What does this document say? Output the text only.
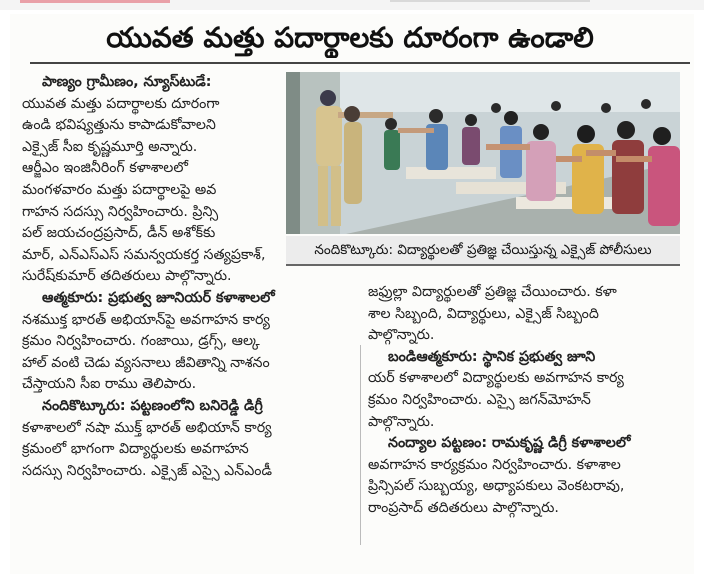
యువత మత్తు పదార్థాలకు దూరంగా ఉండాలి

పాణ్యం గ్రామీణం, న్యూస్‌టుడే:

యువత మత్తు పదార్థాలకు దూరంగా

ఉండి భవిష్యత్తును కాపాడుకోవాలని

ఎక్సైజ్ సీఐ కృష్ణమూర్తి అన్నారు.

ఆర్జీఎం ఇంజినీరింగ్ కళాశాలలో

మంగళవారం మత్తు పదార్థాలపై అవ

గాహన సదస్సు నిర్వహించారు. ప్రిన్సి

పల్ జయచంద్రప్రసాద్, డీన్ అశోక్‌కు

మార్, ఎన్ఎస్ఎస్ సమన్వయకర్త సత్యప్రకాశ్,

సురేష్‌కుమార్ తదితరులు పాల్గొన్నారు.

ఆత్మకూరు: ప్రభుత్వ జూనియర్ కళాశాలలో

నశముక్త భారత్ అభియాన్‌పై అవగాహన కార్య

క్రమం నిర్వహించారు. గంజాయి, డ్రగ్స్, ఆల్క

హాల్ వంటి చెడు వ్యసనాలు జీవితాన్ని నాశనం

చేస్తాయని సీఐ రాము తెలిపారు.

నందికొట్కూరు: పట్టణంలోని బనిరెడ్డి డిగ్రీ

కళాశాలలో నషా ముక్త్ భారత్ అభియాన్ కార్య

క్రమంలో భాగంగా విద్యార్థులకు అవగాహన

సదస్సు నిర్వహించారు. ఎక్సైజ్ ఎస్సై ఎన్ఎండీ

నందికొట్కూరు: విద్యార్థులతో ప్రతిజ్ఞ చేయిస్తున్న ఎక్సైజ్ పోలీసులు

జఫ్రుల్లా విద్యార్థులతో ప్రతిజ్ఞ చేయించారు. కళా

శాల సిబ్బంది, విద్యార్థులు, ఎక్సైజ్ సిబ్బంది

పాల్గొన్నారు.

బండిఆత్మకూరు: స్థానిక ప్రభుత్వ జూని

యర్ కళాశాలలో విద్యార్థులకు అవగాహన కార్య

క్రమం నిర్వహించారు. ఎస్సై జగన్‌మోహన్

పాల్గొన్నారు.

నంద్యాల పట్టణం: రామకృష్ణ డిగ్రీ కళాశాలలో

అవగాహన కార్యక్రమం నిర్వహించారు. కళాశాల

ప్రిన్సిపల్ సుబ్బయ్య, అధ్యాపకులు వెంకటరావు,

రాంప్రసాద్ తదితరులు పాల్గొన్నారు.
